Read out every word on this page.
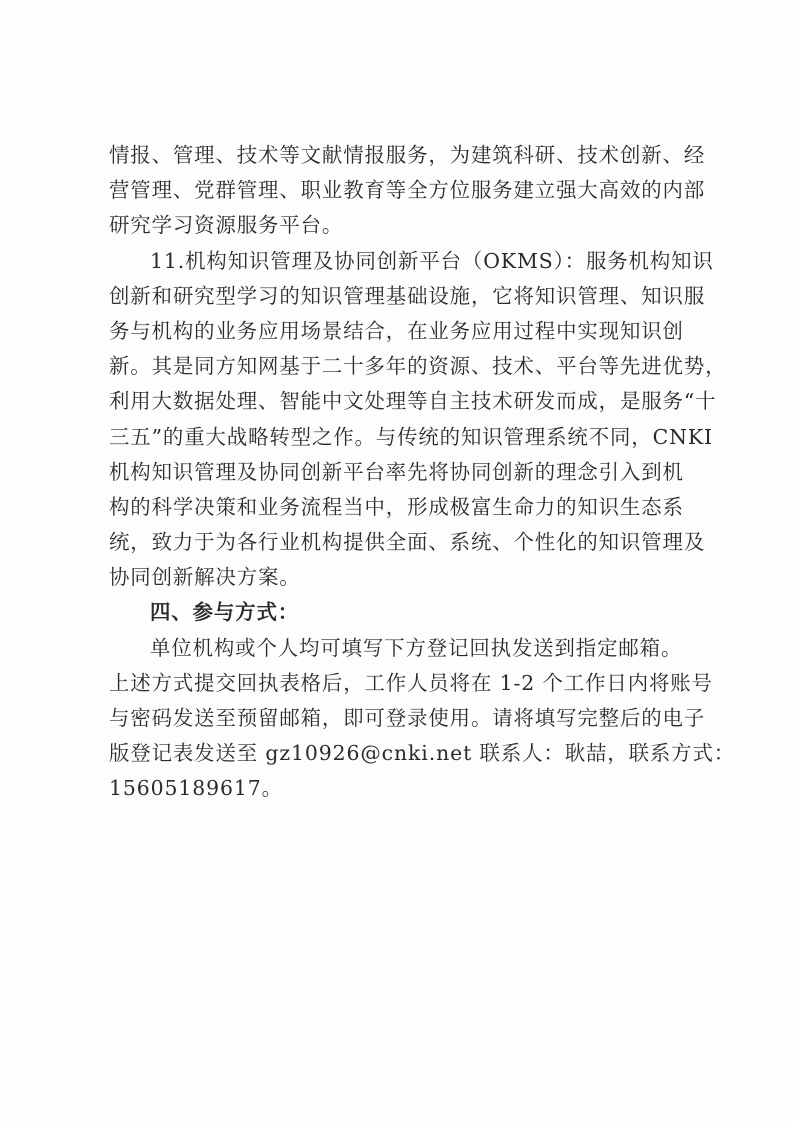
情报、管理、技术等文献情报服务，为建筑科研、技术创新、经
营管理、党群管理、职业教育等全方位服务建立强大高效的内部
研究学习资源服务平台。
11.机构知识管理及协同创新平台（OKMS）：服务机构知识
创新和研究型学习的知识管理基础设施，它将知识管理、知识服
务与机构的业务应用场景结合，在业务应用过程中实现知识创
新。其是同方知网基于二十多年的资源、技术、平台等先进优势，
利用大数据处理、智能中文处理等自主技术研发而成，是服务“十
三五”的重大战略转型之作。与传统的知识管理系统不同，CNKI
机构知识管理及协同创新平台率先将协同创新的理念引入到机
构的科学决策和业务流程当中，形成极富生命力的知识生态系
统，致力于为各行业机构提供全面、系统、个性化的知识管理及
协同创新解决方案。
四、参与方式：
单位机构或个人均可填写下方登记回执发送到指定邮箱。
上述方式提交回执表格后，工作人员将在 1-2 个工作日内将账号
与密码发送至预留邮箱，即可登录使用。请将填写完整后的电子
版登记表发送至 gz10926@cnki.net 联系人：耿喆，联系方式：
15605189617。
